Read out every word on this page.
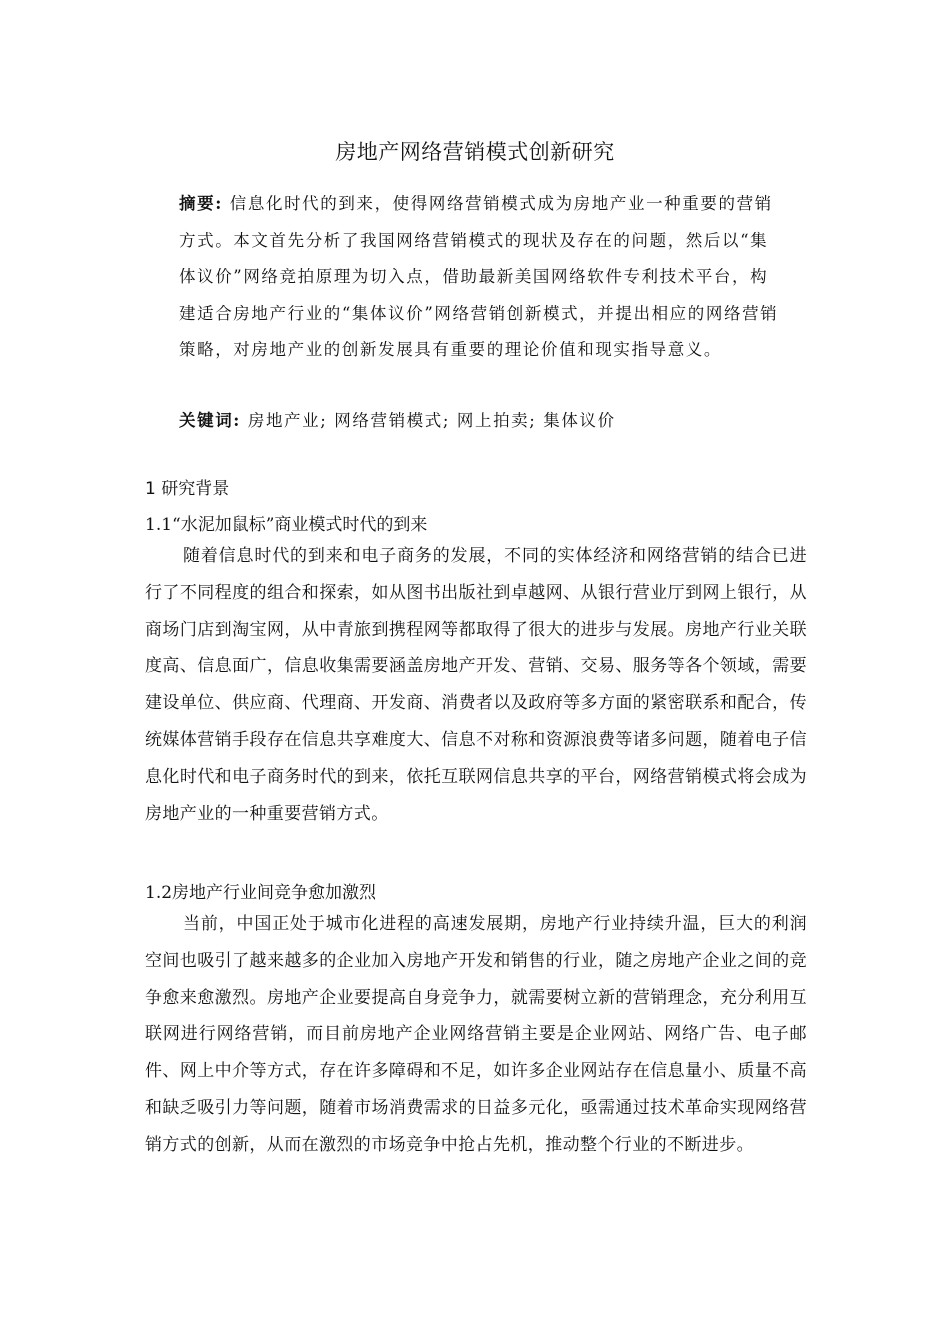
房地产网络营销模式创新研究
摘要: 信息化时代的到来，使得网络营销模式成为房地产业一种重要的营销方式。本文首先分析了我国网络营销模式的现状及存在的问题，然后以“集体议价”网络竞拍原理为切入点，借助最新美国网络软件专利技术平台，构建适合房地产行业的“集体议价”网络营销创新模式，并提出相应的网络营销策略，对房地产业的创新发展具有重要的理论价值和现实指导意义。
关键词: 房地产业; 网络营销模式; 网上拍卖; 集体议价
1 研究背景
1.1“水泥加鼠标”商业模式时代的到来
随着信息时代的到来和电子商务的发展，不同的实体经济和网络营销的结合已进行了不同程度的组合和探索，如从图书出版社到卓越网、从银行营业厅到网上银行，从商场门店到淘宝网，从中青旅到携程网等都取得了很大的进步与发展。房地产行业关联度高、信息面广，信息收集需要涵盖房地产开发、营销、交易、服务等各个领域，需要建设单位、供应商、代理商、开发商、消费者以及政府等多方面的紧密联系和配合，传统媒体营销手段存在信息共享难度大、信息不对称和资源浪费等诸多问题，随着电子信息化时代和电子商务时代的到来，依托互联网信息共享的平台，网络营销模式将会成为房地产业的一种重要营销方式。
1.2房地产行业间竞争愈加激烈
当前，中国正处于城市化进程的高速发展期，房地产行业持续升温，巨大的利润空间也吸引了越来越多的企业加入房地产开发和销售的行业，随之房地产企业之间的竞争愈来愈激烈。房地产企业要提高自身竞争力，就需要树立新的营销理念，充分利用互联网进行网络营销，而目前房地产企业网络营销主要是企业网站、网络广告、电子邮件、网上中介等方式，存在许多障碍和不足，如许多企业网站存在信息量小、质量不高和缺乏吸引力等问题，随着市场消费需求的日益多元化，亟需通过技术革命实现网络营销方式的创新，从而在激烈的市场竞争中抢占先机，推动整个行业的不断进步。
